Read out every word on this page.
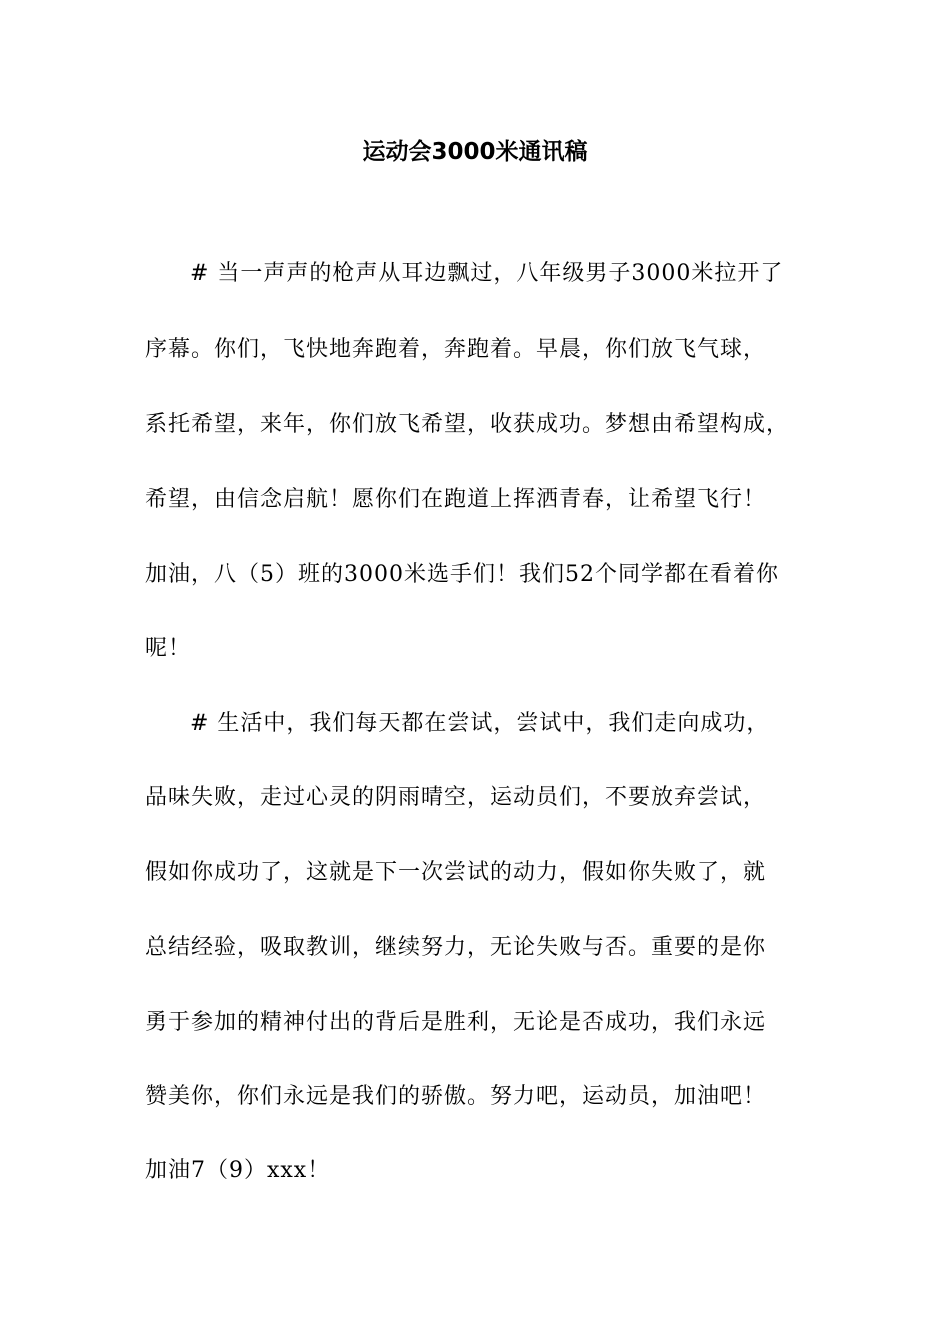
运动会3000米通讯稿
# 当一声声的枪声从耳边飘过，八年级男子3000米拉开了
序幕。你们，飞快地奔跑着，奔跑着。早晨，你们放飞气球，
系托希望，来年，你们放飞希望，收获成功。梦想由希望构成，
希望，由信念启航！愿你们在跑道上挥洒青春，让希望飞行！
加油，八（5）班的3000米选手们！我们52个同学都在看着你
呢！
# 生活中，我们每天都在尝试，尝试中，我们走向成功，
品味失败，走过心灵的阴雨晴空，运动员们，不要放弃尝试，
假如你成功了，这就是下一次尝试的动力，假如你失败了，就
总结经验，吸取教训，继续努力，无论失败与否。重要的是你
勇于参加的精神付出的背后是胜利，无论是否成功，我们永远
赞美你，你们永远是我们的骄傲。努力吧，运动员，加油吧！
加油7（9）xxx！
